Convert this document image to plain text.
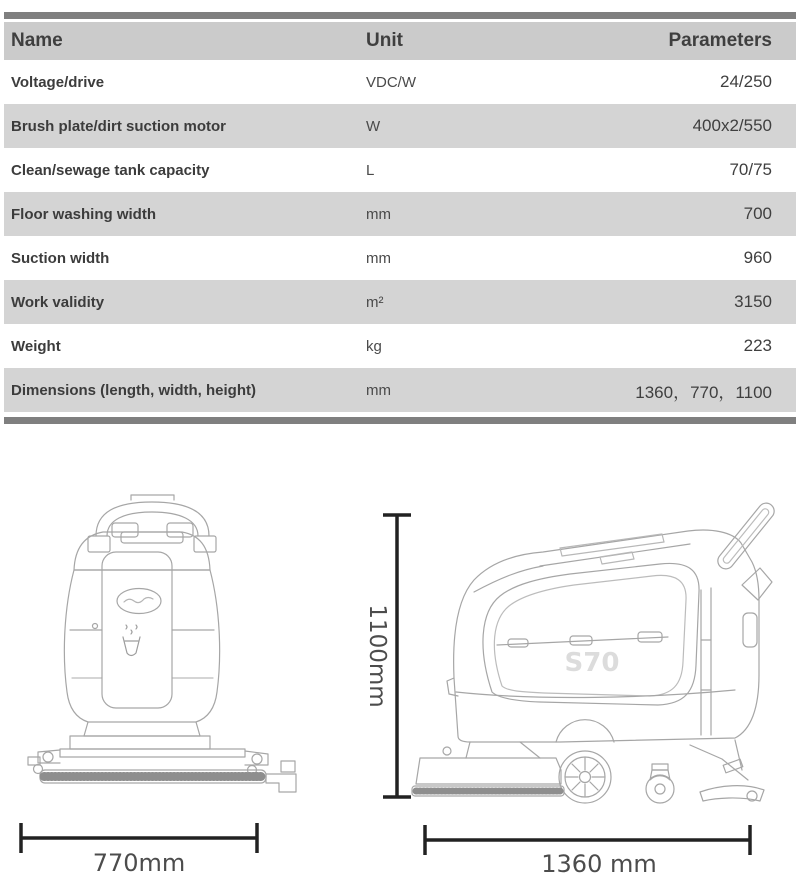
Name	Unit	Parameters
Voltage/drive	VDC/W	24/250
Brush plate/dirt suction motor	W	400x2/550
Clean/sewage tank capacity	L	70/75
Floor washing width	mm	700
Suction width	mm	960
Work validity	m²	3150
Weight	kg	223
Dimensions (length, width, height)	mm	1360，770，1100
S70
1100mm
770mm	1360 mm
